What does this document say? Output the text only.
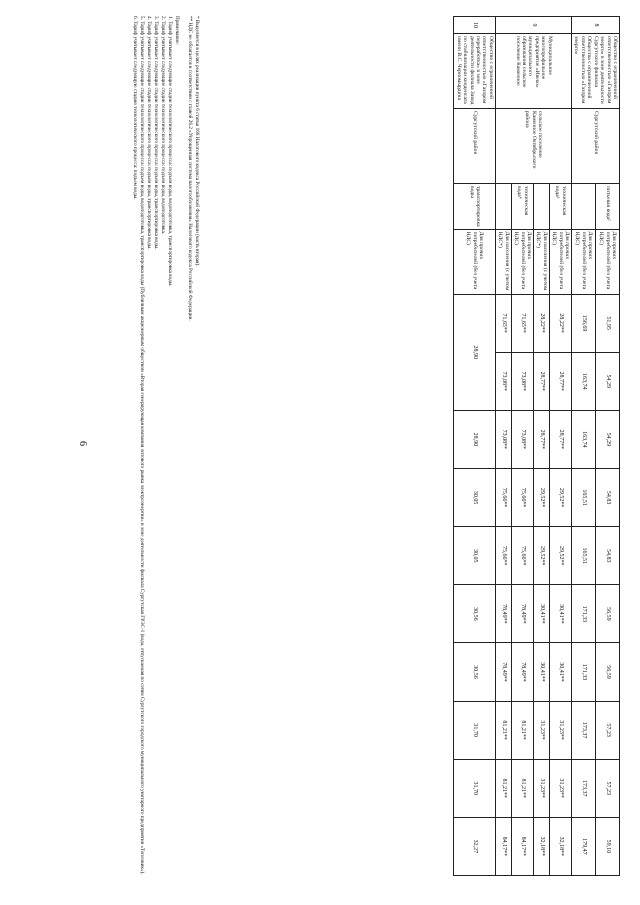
6
8	Общество с ограниченной ответственностью «Газпром энерго» в зоне деятельности Сургутского филиала Общества с ограниченной ответственностью «Газпром энерго»	Сургутский район	питьевая вода²	Для прочих потребителей (без учета НДС)	51,95	54,29	54,29	54,83	54,83	56,59	56,59	57,23	57,23	59,10
				Для прочих потребителей (без учета НДС)	156,69	163,74	163,74	165,51	165,51	171,33	171,33	173,37	173,37	179,47
9	Муниципальное многопрофильное предприятие «Ивеко» муниципального образования сельское поселение Каменное	сельское поселение Каменное Октябрьского района	техническая вода³	Для прочих потребителей (без учета НДС)	28,22**	28,77**	28,77**	29,52**	29,52**	30,41**	30,41**	31,23**	31,23**	32,18**
				Для населения (с учетом НДС*)	28,22**	28,77**	28,77**	29,52**	29,52**	30,41**	30,41**	31,23**	31,23**	32,18**
			техническая вода⁴	Для прочих потребителей (без учета НДС)	71,65**	73,08**	73,08**	75,66**	75,66**	78,49**	78,49**	81,21**	81,21**	84,17**
				Для населения (с учетом НДС*)	71,65**	73,08**	73,08**	75,66**	75,66**	78,49**	78,49**	81,21**	81,21**	84,17**
10	Общество с ограниченной ответственностью «Газпром переработка» в зоне деятельности филиала Завод по стабилизации конденсата имени В.С. Черномырдина	Сургутский район	транспортировка воды	Для прочих потребителей (без учета НДС)	28,90		28,90	30,05	30,05	30,56	30,56	31,70	31,70	32,27

* Выделяется в целях реализации пункта 6 статьи 168 Налогового кодекса Российской Федерации (часть вторая).

** НДС не облагается в соответствии с главой 26.2 «Упрощенная система налогообложения» Налогового кодекса Российской Федерации.

Примечание:

1. Тариф учитывает следующие стадии технологического процесса: подъем воды, водоподготовка, транспортировка воды.

2. Тариф учитывает следующие стадии технологического процесса: подъем воды, водоподготовка.

3. Тариф учитывает следующие стадии технологического процесса: подъем воды, транспортировка воды.

4. Тариф учитывает следующие стадии технологического процесса: подъем воды, транспортировка воды.

5. Тариф учитывает следующие стадии технологического процесса: подъем воды, водоподготовка, транспортировка воды (Публичным акционерным обществом «Вторая генерирующая компания оптового рынка электроэнергии» в зоне деятельности филиала Сургутская ГРЭС-1 (вода, отпускаемая по сетям Сургутского городского муниципального унитарного предприятия «Тепловик»).

6. Тариф учитывает следующую стадию технологического процесса: подъем воды.
